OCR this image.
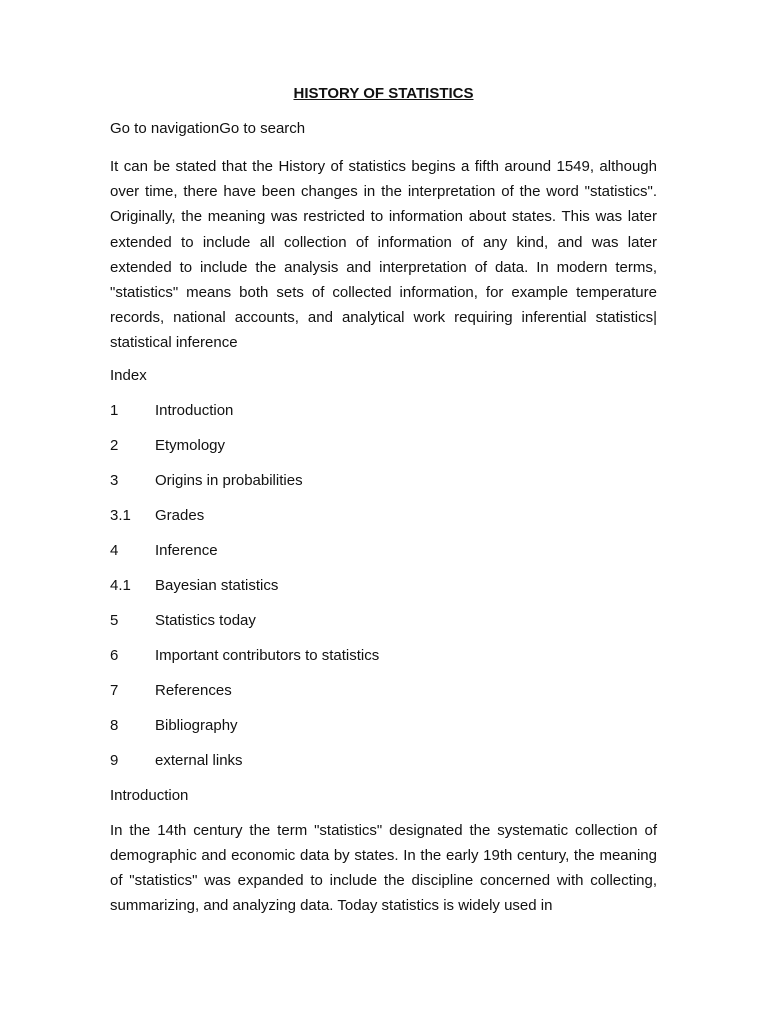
HISTORY OF STATISTICS
Go to navigationGo to search

It can be stated that the History of statistics begins a fifth around 1549, although over time, there have been changes in the interpretation of the word "statistics". Originally, the meaning was restricted to information about states. This was later extended to include all collection of information of any kind, and was later extended to include the analysis and interpretation of data. In modern terms, "statistics" means both sets of collected information, for example temperature records, national accounts, and analytical work requiring inferential statistics| statistical inference

Index
1	Introduction
2	Etymology
3	Origins in probabilities
3.1	Grades
4	Inference
4.1	Bayesian statistics
5	Statistics today
6	Important contributors to statistics
7	References
8	Bibliography
9	external links
Introduction

In the 14th century the term "statistics" designated the systematic collection of demographic and economic data by states. In the early 19th century, the meaning of "statistics" was expanded to include the discipline concerned with collecting, summarizing, and analyzing data. Today statistics is widely used in
